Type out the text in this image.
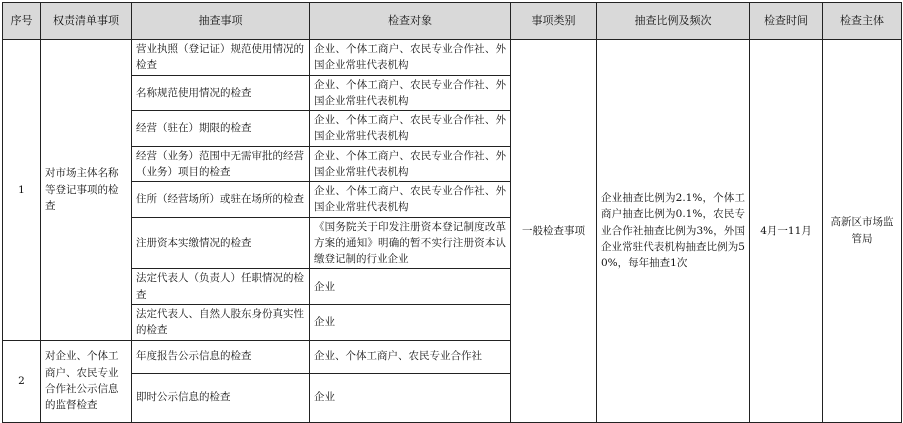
序号	权责清单事项	抽查事项	检查对象	事项类别	抽查比例及频次	检查时间	检查主体
1	对市场主体名称等登记事项的检查	营业执照（登记证）规范使用情况的检查	企业、个体工商户、农民专业合作社、外国企业常驻代表机构	一般检查事项	企业抽查比例为2.1%，个体工商户抽查比例为0.1%，农民专业合作社抽查比例为3%，外国企业常驻代表机构抽查比例为50%，每年抽查1次	4月一11月	高新区市场监管局
		名称规范使用情况的检查	企业、个体工商户、农民专业合作社、外国企业常驻代表机构				
		经营（驻在）期限的检查	企业、个体工商户、农民专业合作社、外国企业常驻代表机构				
		经营（业务）范围中无需审批的经营（业务）项目的检查	企业、个体工商户、农民专业合作社、外国企业常驻代表机构				
		住所（经营场所）或驻在场所的检查	企业、个体工商户、农民专业合作社、外国企业常驻代表机构				
		注册资本实缴情况的检查	《国务院关于印发注册资本登记制度改革方案的通知》明确的暂不实行注册资本认缴登记制的行业企业				
		法定代表人（负责人）任职情况的检查	企业				
		法定代表人、自然人股东身份真实性的检查	企业				
2	对企业、个体工商户、农民专业合作社公示信息的监督检查	年度报告公示信息的检查	企业、个体工商户、农民专业合作社				
		即时公示信息的检查	企业				
